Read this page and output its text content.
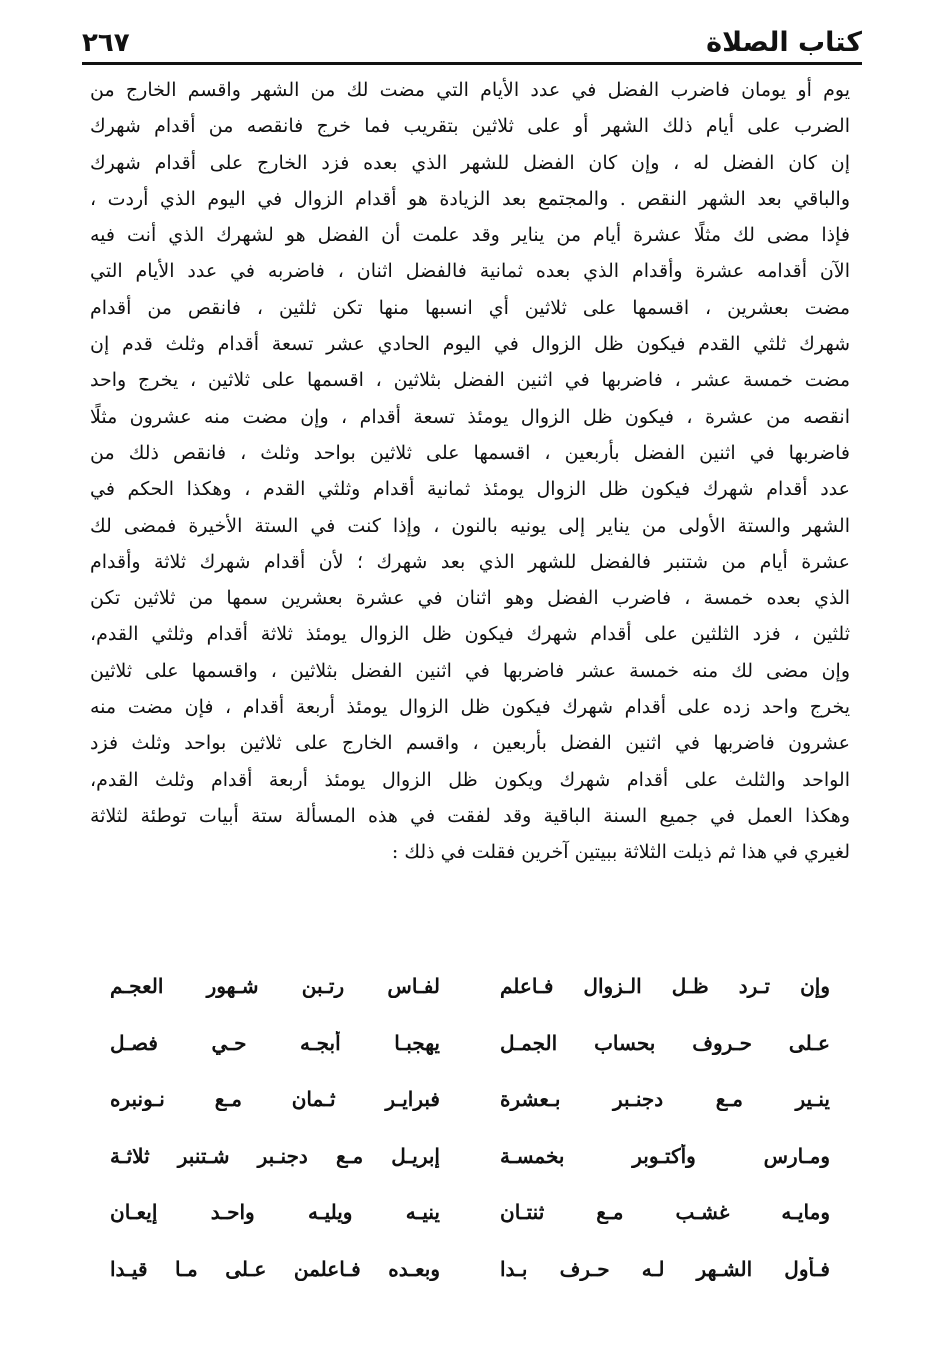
كتاب الصلاة
٢٦٧
يوم أو يومان فاضرب الفضل في عدد الأيام التي مضت لك من الشهر واقسم الخارج من
الضرب على أيام ذلك الشهر أو على ثلاثين بتقريب فما خرج فانقصه من أقدام شهرك
إن كان الفضل له ، وإن كان الفضل للشهر الذي بعده فزد الخارج على أقدام شهرك
والباقي بعد الشهر النقص . والمجتمع بعد الزيادة هو أقدام الزوال في اليوم الذي أردت ،
فإذا مضى لك مثلًا عشرة أيام من يناير وقد علمت أن الفضل هو لشهرك الذي أنت فيه
الآن أقدامه عشرة وأقدام الذي بعده ثمانية فالفضل اثنان ، فاضربه في عدد الأيام التي
مضت بعشرين ، اقسمها على ثلاثين أي انسبها منها تكن ثلثين ، فانقص من أقدام
شهرك ثلثي القدم فيكون ظل الزوال في اليوم الحادي عشر تسعة أقدام وثلث قدم إن
مضت خمسة عشر ، فاضربها في اثنين الفضل بثلاثين ، اقسمها على ثلاثين ، يخرج واحد
انقصه من عشرة ، فيكون ظل الزوال يومئذ تسعة أقدام ، وإن مضت منه عشرون مثلًا
فاضربها في اثنين الفضل بأربعين ، اقسمها على ثلاثين بواحد وثلث ، فانقص ذلك من
عدد أقدام شهرك فيكون ظل الزوال يومئذ ثمانية أقدام وثلثي القدم ، وهكذا الحكم في
الشهر والستة الأولى من يناير إلى يونيه بالنون ، وإذا كنت في الستة الأخيرة فمضى لك
عشرة أيام من شتنبر فالفضل للشهر الذي بعد شهرك ؛ لأن أقدام شهرك ثلاثة وأقدام
الذي بعده خمسة ، فاضرب الفضل وهو اثنان في عشرة بعشرين سمها من ثلاثين تكن
ثلثين ، فزد الثلثين على أقدام شهرك فيكون ظل الزوال يومئذ ثلاثة أقدام وثلثي القدم،
وإن مضى لك منه خمسة عشر فاضربها في اثنين الفضل بثلاثين ، واقسمها على ثلاثين
يخرج واحد زده على أقدام شهرك فيكون ظل الزوال يومئذ أربعة أقدام ، فإن مضت منه
عشرون فاضربها في اثنين الفضل بأربعين ، واقسم الخارج على ثلاثين بواحد وثلث فزد
الواحد والثلث على أقدام شهرك ويكون ظل الزوال يومئذ أربعة أقدام وثلث القدم،
وهكذا العمل في جميع السنة الباقية وقد لفقت في هذه المسألة ستة أبيات توطئة لثلاثة
لغيري في هذا ثم ذيلت الثلاثة ببيتين آخرين فقلت في ذلك :
وإن تـرد ظـل الـزوال فـاعلم
لفـاس رتـبن شـهور العجـم
عـلى حـروف بحساب الجمـل
يهجبـا أبجـه حـي فصـل
ينـير مـع دجنـبر بـعشرة
فبرايـر ثـمان مـع نـونبره
ومـارس وأكتـوبر بخمسـة
إبريـل مـع دجنـبر شـتنبر ثلاثـة
ومايـه غشـب مـع ثنتـان
ينيـه ويليـه واحـد إيعـان
فـأول الشـهر لـه حـرف بـدا
وبعـده فـاعلمن عـلى مـا قيـدا
